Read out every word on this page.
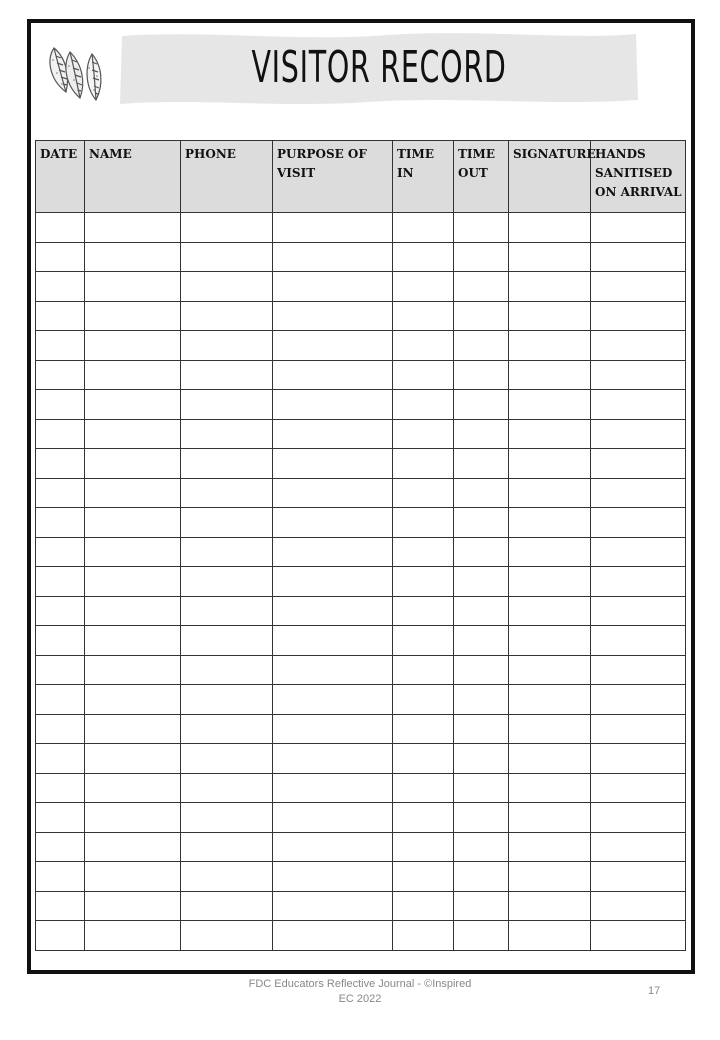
VISITOR RECORD
DATE	NAME	PHONE	PURPOSE OF VISIT	TIME IN	TIME OUT	SIGNATURE	HANDS SANITISED ON ARRIVAL

FDC Educators Reflective Journal - ©Inspired EC 2022
17
